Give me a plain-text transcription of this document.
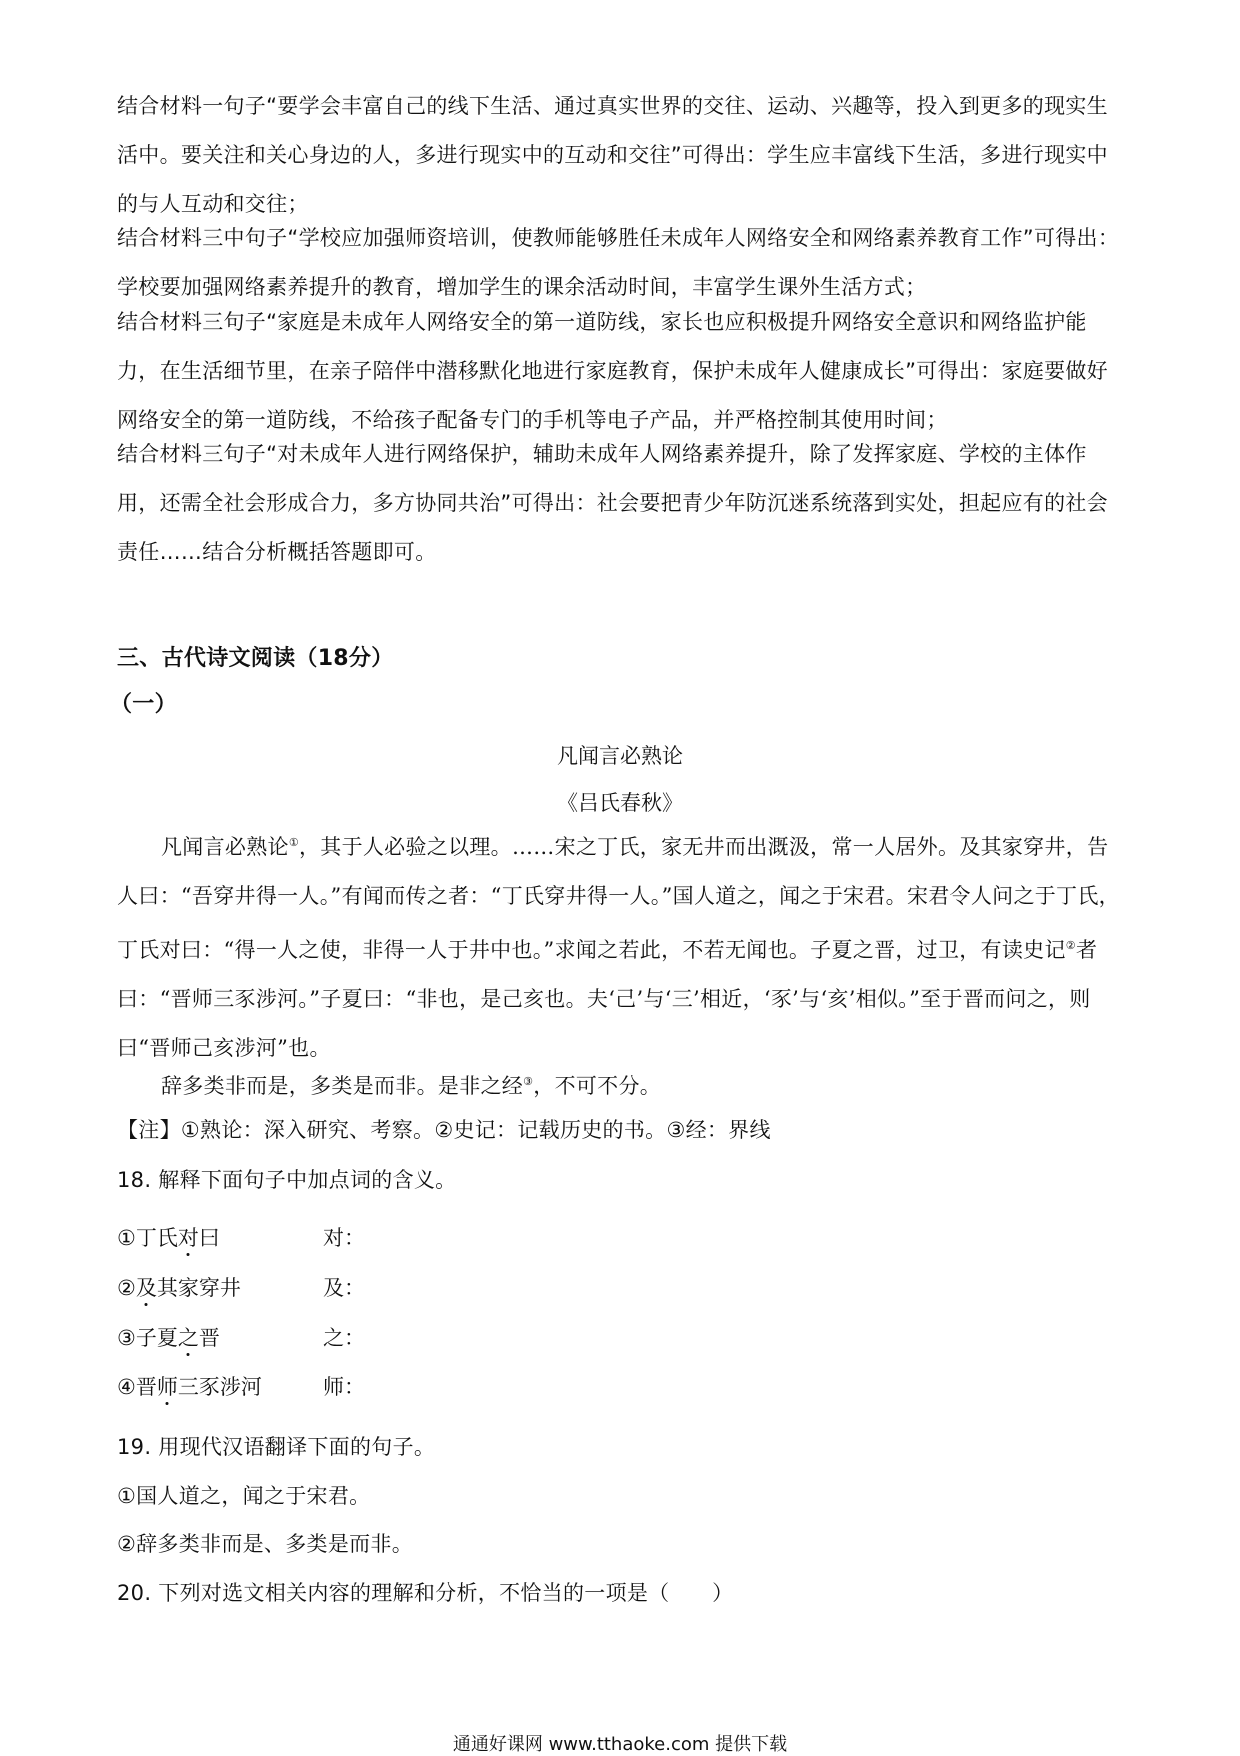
结合材料一句子“要学会丰富自己的线下生活、通过真实世界的交往、运动、兴趣等，投入到更多的现实生活中。要关注和关心身边的人，多进行现实中的互动和交往”可得出：学生应丰富线下生活，多进行现实中的与人互动和交往；

结合材料三中句子“学校应加强师资培训，使教师能够胜任未成年人网络安全和网络素养教育工作”可得出：学校要加强网络素养提升的教育，增加学生的课余活动时间，丰富学生课外生活方式；

结合材料三句子“家庭是未成年人网络安全的第一道防线，家长也应积极提升网络安全意识和网络监护能力，在生活细节里，在亲子陪伴中潜移默化地进行家庭教育，保护未成年人健康成长”可得出：家庭要做好网络安全的第一道防线，不给孩子配备专门的手机等电子产品，并严格控制其使用时间；

结合材料三句子“对未成年人进行网络保护，辅助未成年人网络素养提升，除了发挥家庭、学校的主体作用，还需全社会形成合力，多方协同共治”可得出：社会要把青少年防沉迷系统落到实处，担起应有的社会责任……结合分析概括答题即可。

三、古代诗文阅读（18分）

（一）

凡闻言必熟论

《吕氏春秋》

凡闻言必熟论①，其于人必验之以理。……宋之丁氏，家无井而出溉汲，常一人居外。及其家穿井，告人曰：“吾穿井得一人。”有闻而传之者：“丁氏穿井得一人。”国人道之，闻之于宋君。宋君令人问之于丁氏，丁氏对曰：“得一人之使，非得一人于井中也。”求闻之若此，不若无闻也。子夏之晋，过卫，有读史记②者曰：“晋师三豕涉河。”子夏曰：“非也，是己亥也。夫‘己’与‘三’相近，‘豕’与‘亥’相似。”至于晋而问之，则曰“晋师己亥涉河”也。

辞多类非而是，多类是而非。是非之经③，不可不分。

【注】①熟论：深入研究、考察。②史记：记载历史的书。③经：界线

18. 解释下面句子中加点词的含义。

①丁氏对曰	对：
②及其家穿井	及：
③子夏之晋	之：
④晋师三豕涉河	师：

19. 用现代汉语翻译下面的句子。

①国人道之，闻之于宋君。

②辞多类非而是、多类是而非。

20. 下列对选文相关内容的理解和分析，不恰当的一项是（　　）

通通好课网 www.tthaoke.com 提供下载
